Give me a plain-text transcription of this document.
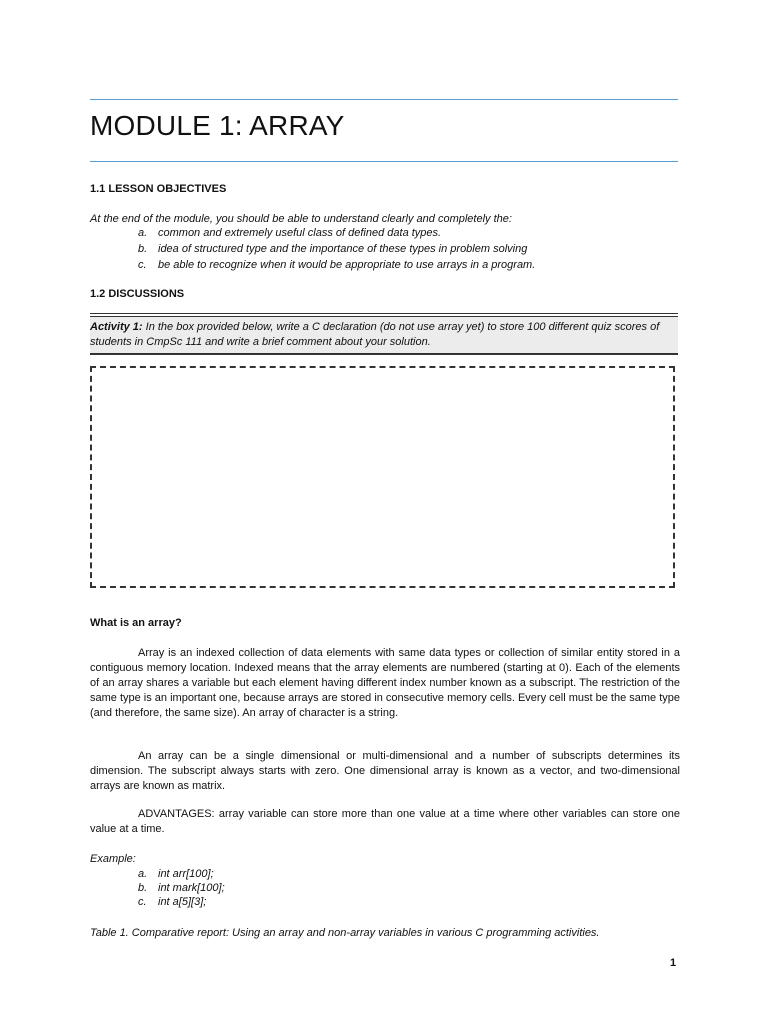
MODULE 1: ARRAY
1.1 LESSON OBJECTIVES

At the end of the module, you should be able to understand clearly and completely the:

a. common and extremely useful class of defined data types.
b. idea of structured type and the importance of these types in problem solving
c. be able to recognize when it would be appropriate to use arrays in a program.
1.2 DISCUSSIONS
Activity 1: In the box provided below, write a C declaration (do not use array yet) to store 100 different quiz scores of students in CmpSc 111 and write a brief comment about your solution.
What is an array?

Array is an indexed collection of data elements with same data types or collection of similar entity stored in a contiguous memory location. Indexed means that the array elements are numbered (starting at 0). Each of the elements of an array shares a variable but each element having different index number known as a subscript. The restriction of the same type is an important one, because arrays are stored in consecutive memory cells. Every cell must be the same type (and therefore, the same size). An array of character is a string.

An array can be a single dimensional or multi-dimensional and a number of subscripts determines its dimension. The subscript always starts with zero. One dimensional array is known as a vector, and two-dimensional arrays are known as matrix.

ADVANTAGES: array variable can store more than one value at a time where other variables can store one value at a time.

Example:

a. int arr[100];
b. int mark[100];
c. int a[5][3];

Table 1. Comparative report: Using an array and non-array variables in various C programming activities.

1
